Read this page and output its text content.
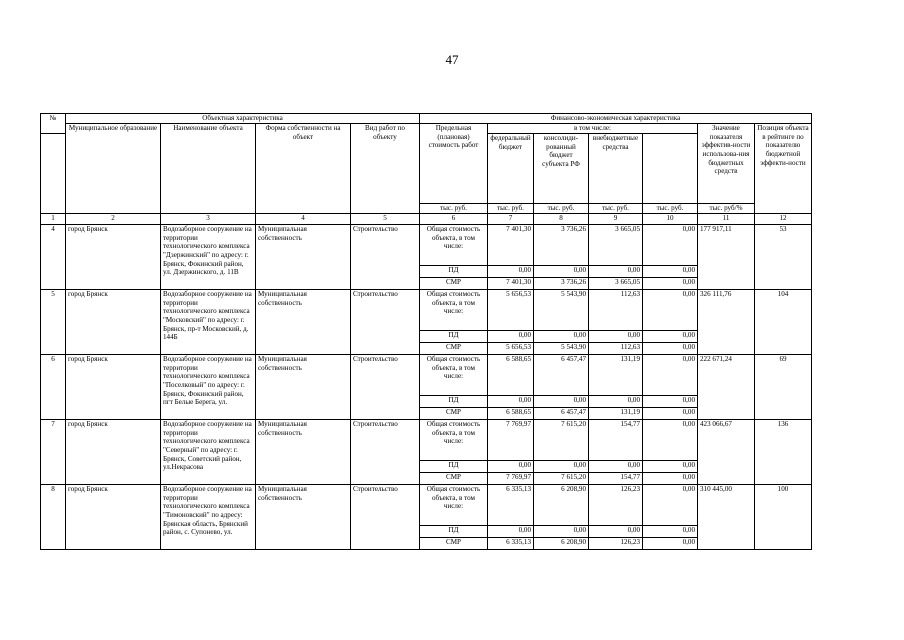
47
№	Объектная характеристика				Финансово-экономическая характеристика						
	Муниципальное образование	Наименование объекта	Форма собственности на объект	Вид работ по объекту	Предельная (плановая) стоимость работ	в том числе:				Значение показателя эффектив-ности использова-ния бюджетных средств	Позиция объекта в рейтинге по показателю бюджетной эффекти-ности
						федеральный бюджет	консолиди-рованный бюджет субъекта РФ	внебюджетные средства			
					тыс. руб.	тыс. руб.	тыс. руб.	тыс. руб.	тыс. руб.	тыс. руб/%	
1	2	3	4	5	6	7	8	9	10	11	12
4	город Брянск	Водозаборное сооружение на территории технологического комплекса "Дзержинский" по адресу: г. Брянск, Фокинский район, ул. Дзержинского, д. 11В	Муниципальная собственность	Строительство	Общая стоимость объекта, в том числе:	7 401,30	3 736,26	3 665,05	0,00	177 917,11	53
					ПД	0,00	0,00	0,00	0,00		
					СМР	7 401,30	3 736,26	3 665,05	0,00		
5	город Брянск	Водозаборное сооружение на территории технологического комплекса "Московский" по адресу: г. Брянск, пр-т Московский, д. 144Б	Муниципальная собственность	Строительство	Общая стоимость объекта, в том числе:	5 656,53	5 543,90	112,63	0,00	326 111,76	104
					ПД	0,00	0,00	0,00	0,00		
					СМР	5 656,53	5 543,90	112,63	0,00		
6	город Брянск	Водозаборное сооружение на территории технологического комплекса "Поселковый" по адресу: г. Брянск, Фокинский район, пгт Белые Берега, ул.	Муниципальная собственность	Строительство	Общая стоимость объекта, в том числе:	6 588,65	6 457,47	131,19	0,00	222 671,24	69
					ПД	0,00	0,00	0,00	0,00		
					СМР	6 588,65	6 457,47	131,19	0,00		
7	город Брянск	Водозаборное сооружение на территории технологического комплекса "Северный" по адресу: г. Брянск, Советский район, ул.Некрасова	Муниципальная собственность	Строительство	Общая стоимость объекта, в том числе:	7 769,97	7 615,20	154,77	0,00	423 066,67	136
					ПД	0,00	0,00	0,00	0,00		
					СМР	7 769,97	7 615,20	154,77	0,00		
8	город Брянск	Водозаборное сооружение на территории технологического комплекса "Тимоновский" по адресу: Брянская область, Брянский район, с. Супонево, ул.	Муниципальная собственность	Строительство	Общая стоимость объекта, в том числе:	6 335,13	6 208,90	126,23	0,00	310 445,00	100
					ПД	0,00	0,00	0,00	0,00		
					СМР	6 335,13	6 208,90	126,23	0,00		
